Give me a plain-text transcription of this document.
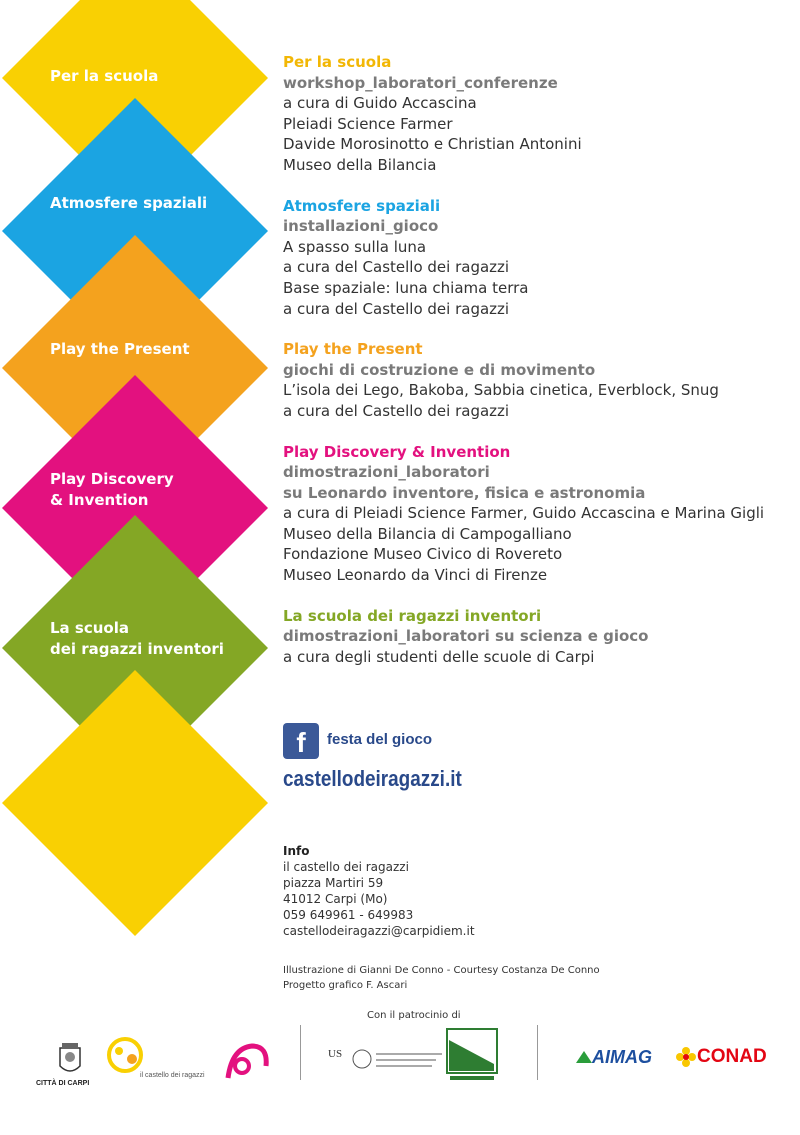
Per la scuola
Atmosfere spaziali
Play the Present
Play Discovery
& Invention
La scuola
dei ragazzi inventori
Per la scuola
workshop_laboratori_conferenze
a cura di Guido Accascina
Pleiadi Science Farmer
Davide Morosinotto e Christian Antonini
Museo della Bilancia
Atmosfere spaziali
installazioni_gioco
A spasso sulla luna
a cura del Castello dei ragazzi
Base spaziale: luna chiama terra
a cura del Castello dei ragazzi
Play the Present
giochi di costruzione e di movimento
L’isola dei Lego, Bakoba, Sabbia cinetica, Everblock, Snug
a cura del Castello dei ragazzi
Play Discovery & Invention
dimostrazioni_laboratori
su Leonardo inventore, fisica e astronomia
a cura di Pleiadi Science Farmer, Guido Accascina e Marina Gigli
Museo della Bilancia di Campogalliano
Fondazione Museo Civico di Rovereto
Museo Leonardo da Vinci di Firenze
La scuola dei ragazzi inventori
dimostrazioni_laboratori su scienza e gioco
a cura degli studenti delle scuole di Carpi
f	festa del gioco
castellodeiragazzi.it
Info
il castello dei ragazzi
piazza Martiri 59
41012 Carpi (Mo)
059 649961 - 649983
castellodeiragazzi@carpidiem.it
Illustrazione di Gianni De Conno - Courtesy Costanza De Conno
Progetto grafico F. Ascari
Con il patrocinio di
CITTÀ DI CARPI
il castello dei ragazzi
US	AIMAG CONAD
